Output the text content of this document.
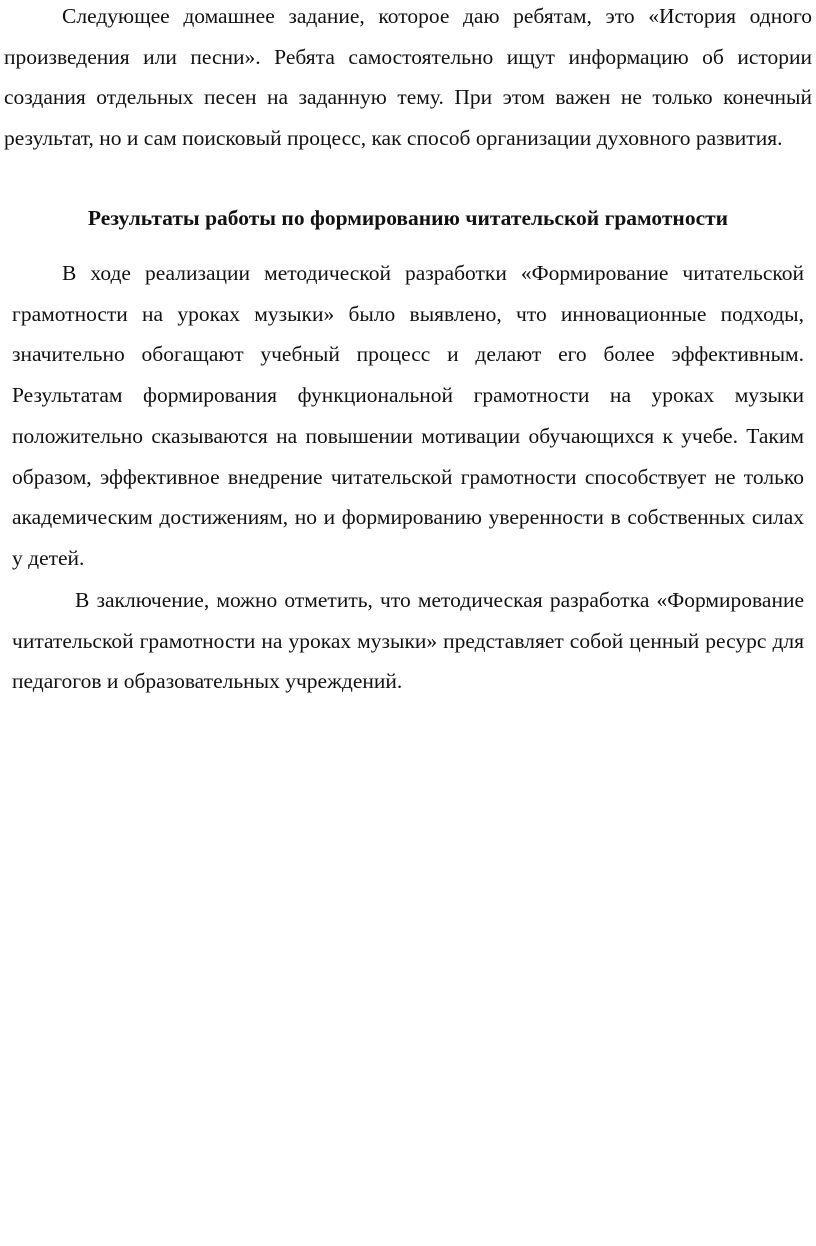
Следующее домашнее задание, которое даю ребятам, это «История одного произведения или песни». Ребята самостоятельно ищут информацию об истории создания отдельных песен на заданную тему. При этом важен не только конечный результат, но и сам поисковый процесс, как способ организации духовного развития.

Результаты работы по формированию читательской грамотности

В ходе реализации методической разработки «Формирование читательской грамотности на уроках музыки» было выявлено, что инновационные подходы, значительно обогащают учебный процесс и делают его более эффективным. Результатам формирования функциональной грамотности на уроках музыки положительно сказываются на повышении мотивации обучающихся к учебе. Таким образом, эффективное внедрение читательской грамотности способствует не только академическим достижениям, но и формированию уверенности в собственных силах у детей.

В заключение, можно отметить, что методическая разработка «Формирование читательской грамотности на уроках музыки» представляет собой ценный ресурс для педагогов и образовательных учреждений.
